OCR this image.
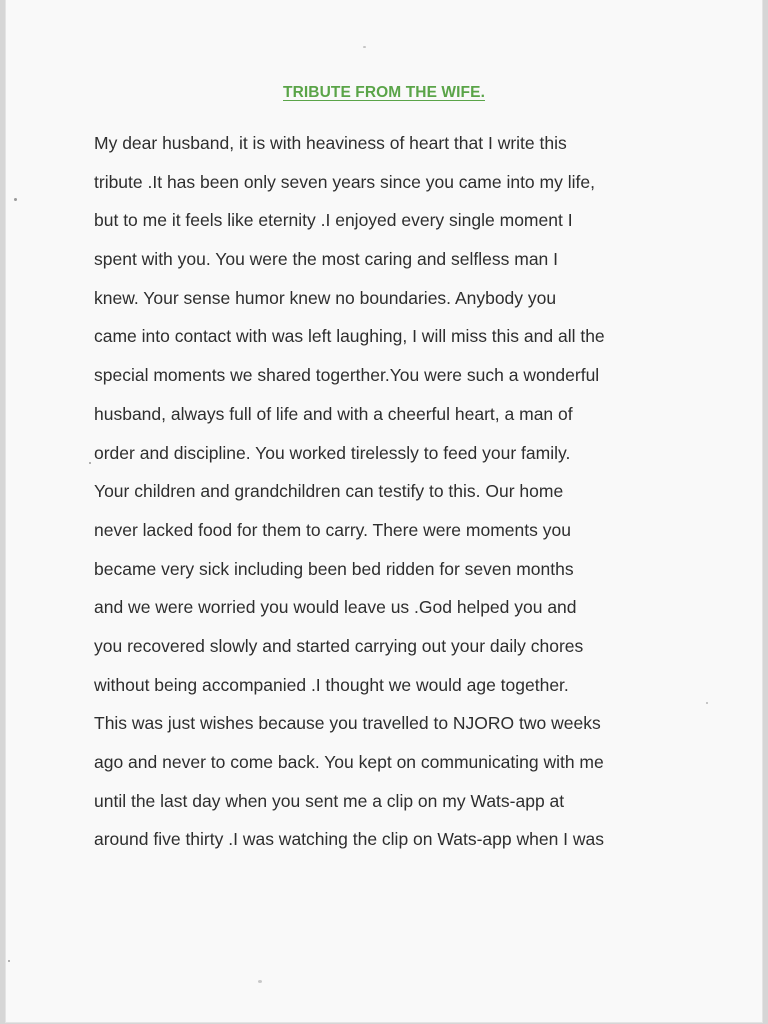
TRIBUTE FROM THE WIFE.
My dear husband, it is with heaviness of heart that I write this
tribute .It has been only seven years since you came into my life,
but to me it feels like eternity .I enjoyed every single moment I
spent with you. You were the most caring and selfless man I
knew. Your sense humor knew no boundaries. Anybody you
came into contact with was left laughing, I will miss this and all the
special moments we shared togerther.You were such a wonderful
husband, always full of life and with a cheerful heart, a man of
order and discipline. You worked tirelessly to feed your family.
Your children and grandchildren can testify to this. Our home
never lacked food for them to carry. There were moments you
became very sick including been bed ridden for seven months
and we were worried you would leave us .God helped you and
you recovered slowly and started carrying out your daily chores
without being accompanied .I thought we would age together.
This was just wishes because you travelled to NJORO two weeks
ago and never to come back. You kept on communicating with me
until the last day when you sent me a clip on my Wats-app at
around five thirty .I was watching the clip on Wats-app when I was
